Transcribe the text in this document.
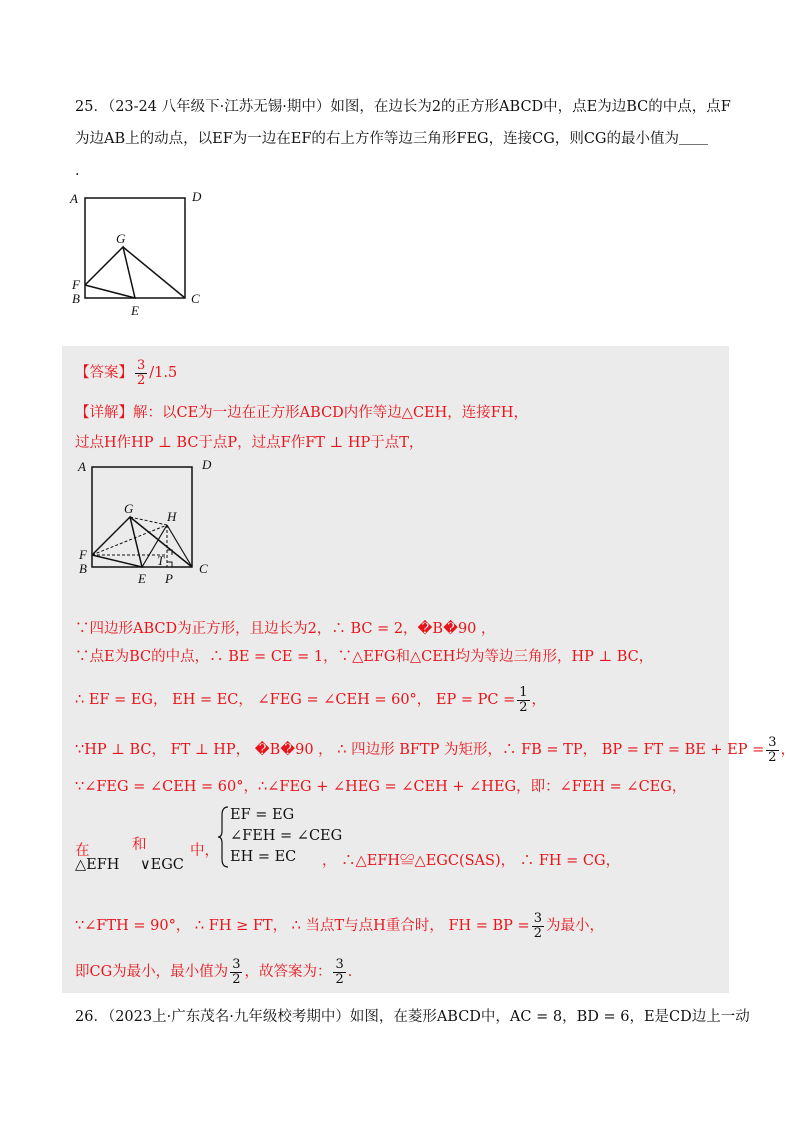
25．（23-24 八年级下·江苏无锡·期中）如图，在边长为2的正方形ABCD中，点E为边BC的中点，点F
为边AB上的动点，以EF为一边在EF的右上方作等边三角形FEG，连接CG，则CG的最小值为＿＿
．
A	D
G
F
B
E
C
【答案】 $\frac{3}{2} /1.5$
【详解】解：以CE为一边在正方形ABCD内作等边△CEH，连接FH，
过点H作HP ⊥ BC于点P，过点F作FT ⊥ HP于点T，
A	D
G
H
F
B
T
E P
C
∵四边形ABCD为正方形，且边长为2，∴ BC = 2，�B�90 ，
∵点E为BC的中点，∴ BE = CE = 1，∵△EFG和△CEH均为等边三角形，HP ⊥ BC，
∴ EF = EG， EH = EC， ∠FEG = ∠CEH = 60°， EP = PC = $\frac{1}{2}$ ，
∵HP ⊥ BC， FT ⊥ HP， �B�90 ， ∴ 四边形 BFTP 为矩形，∴ FB = TP， BP = FT = BE + EP = $\frac{3}{2}$ ，
∵∠FEG = ∠CEH = 60°，∴∠FEG + ∠HEG = ∠CEH + ∠HEG，即：∠FEH = ∠CEG，
在	和	中，
△EFH ∨EGC
EF = EG
∠FEH = ∠CEG
EH = EC	， ∴△EFH≌△EGC(SAS)， ∴ FH = CG，
∵∠FTH = 90°， ∴ FH ≥ FT， ∴ 当点T与点H重合时， FH = BP = $\frac{3}{2}$ 为最小，
即CG为最小，最小值为 $\frac{3}{2}$ ，故答案为： $\frac{3}{2}$ ．
26．（2023上·广东茂名·九年级校考期中）如图，在菱形ABCD中，AC = 8，BD = 6，E是CD边上一动
